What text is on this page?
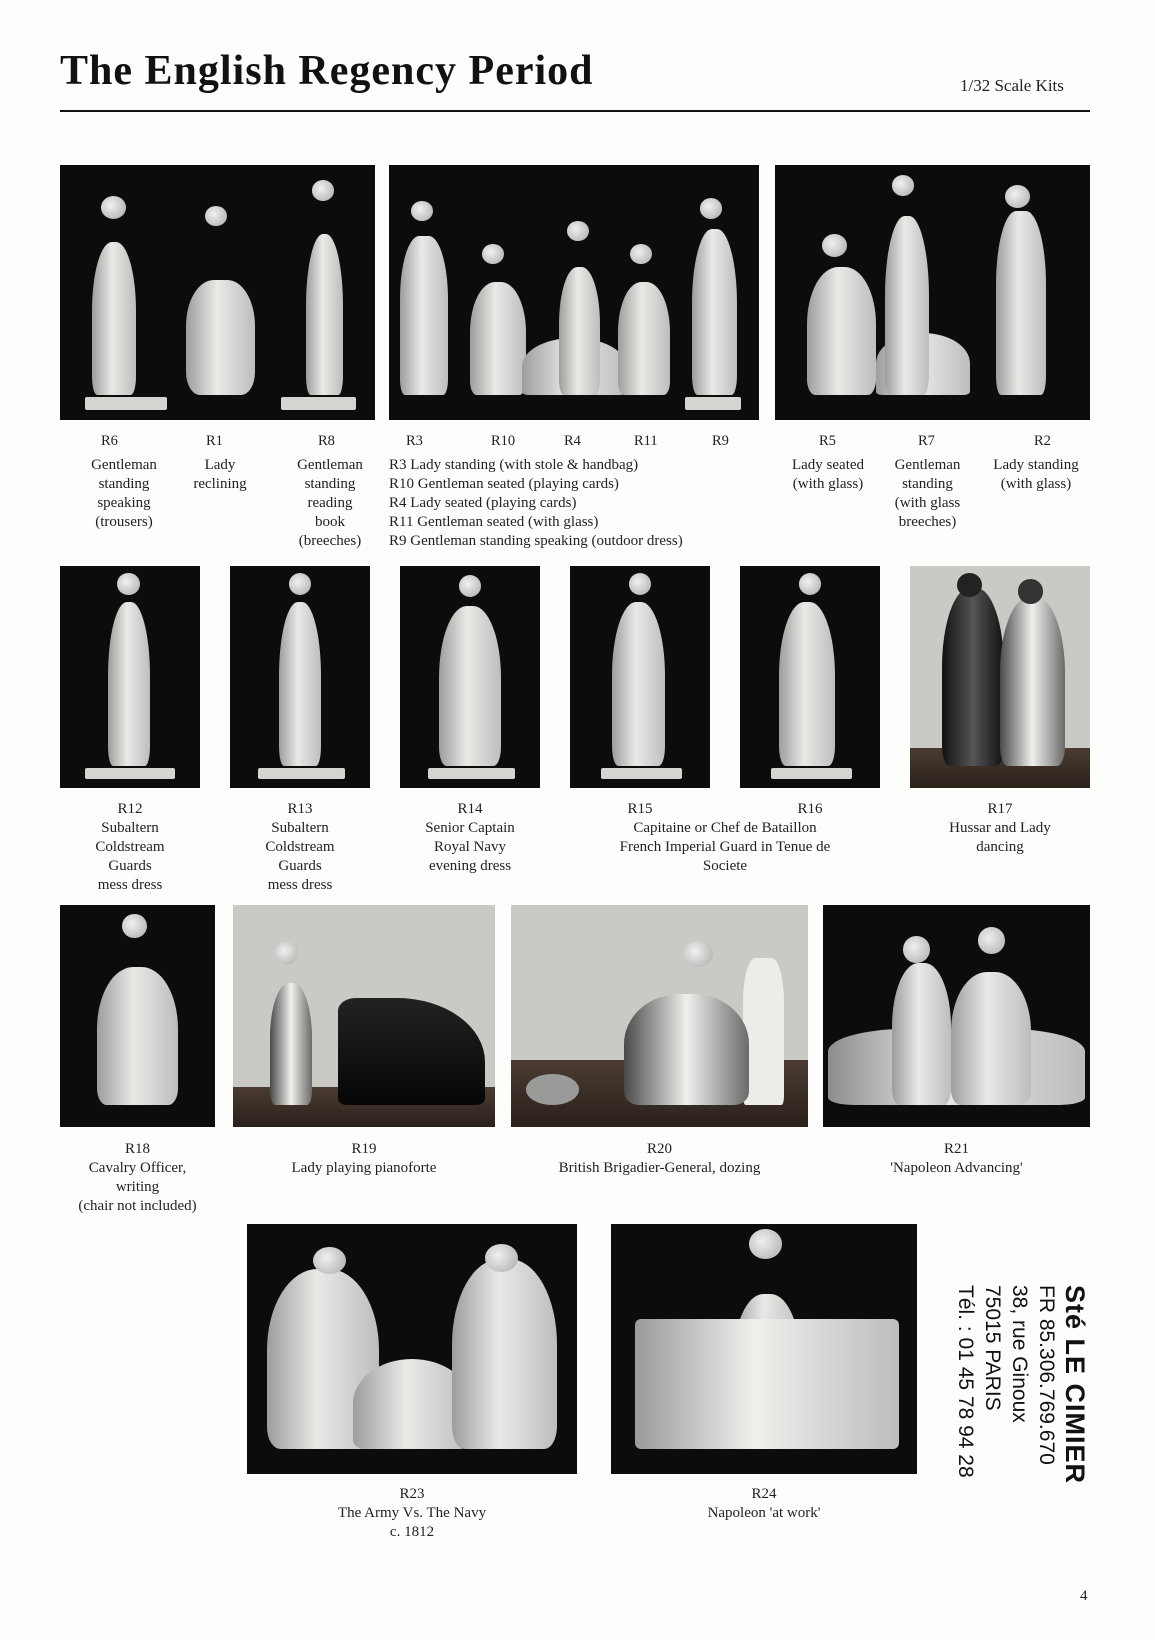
The English Regency Period	1/32 Scale Kits
R6	R1	R8	R3	R10	R4	R11	R9	R5	R7	R2
Gentleman
standing
speaking
(trousers)
Lady
reclining
Gentleman
standing
reading
book
(breeches)
R3 Lady standing (with stole & handbag)
R10 Gentleman seated (playing cards)
R4 Lady seated (playing cards)
R11 Gentleman seated (with glass)
R9 Gentleman standing speaking (outdoor dress)
Lady seated
(with glass)
Gentleman
standing
(with glass
breeches)
Lady standing
(with glass)
R12
Subaltern
Coldstream
Guards
mess dress
R13
Subaltern
Coldstream
Guards
mess dress
R14
Senior Captain
Royal Navy
evening dress
R15
Capitaine or Chef de Bataillon
French Imperial Guard in Tenue de
Societe
R16	R17
Hussar and Lady
dancing
R18
Cavalry Officer,
writing
(chair not included)
R19
Lady playing pianoforte
R20
British Brigadier-General, dozing
R21
'Napoleon Advancing'
R23
The Army Vs. The Navy
c. 1812
R24
Napoleon 'at work'
Sté LE CIMIER
FR 85.306.769.670
38, rue Ginoux
75015 PARIS
Tél. : 01 45 78 94 28
4
